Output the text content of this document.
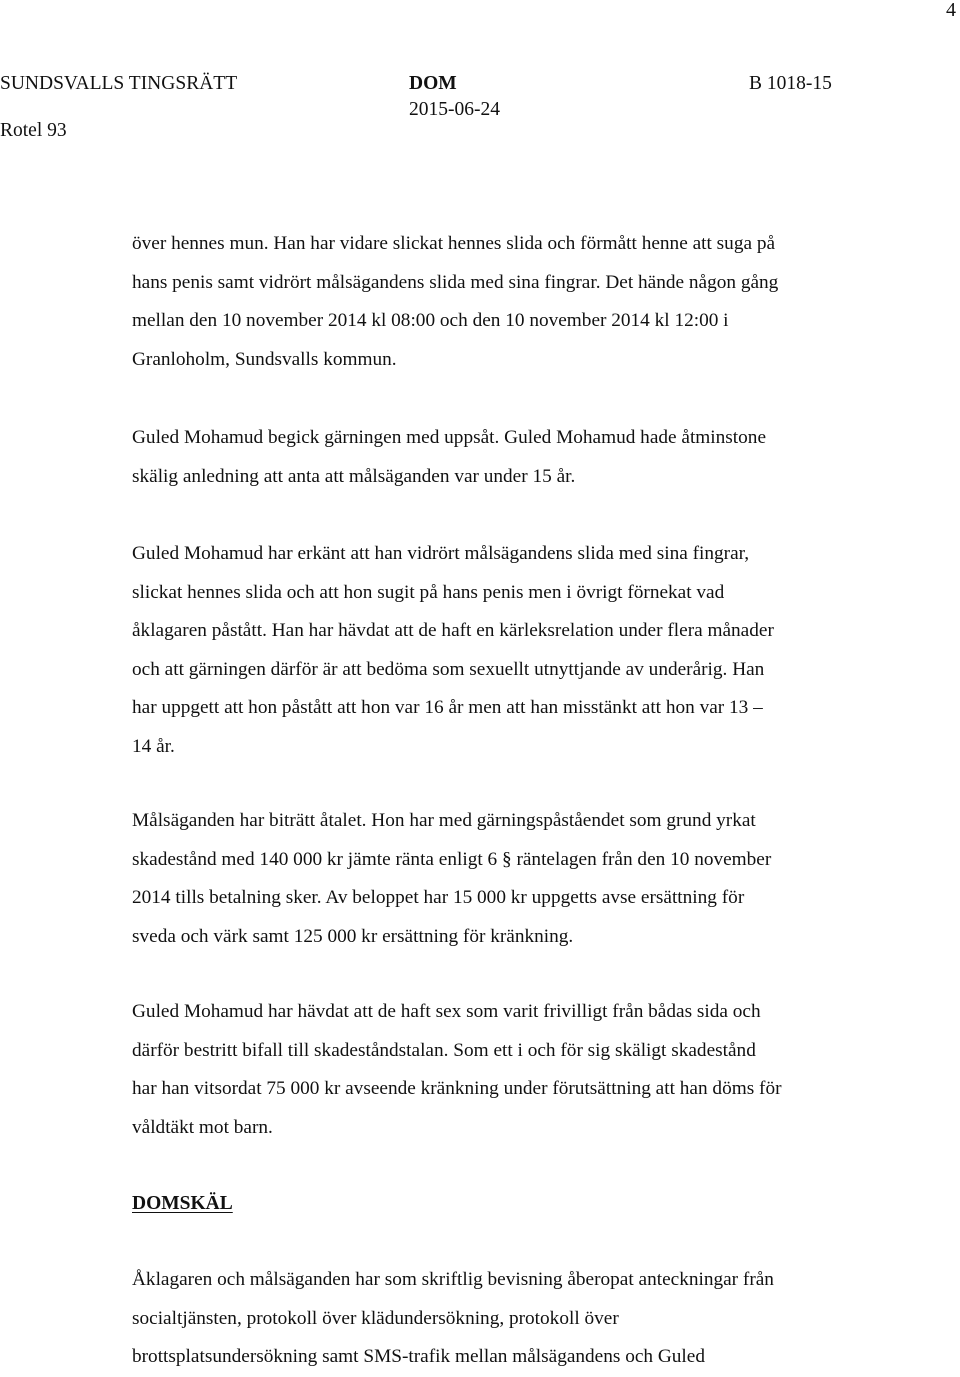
4
SUNDSVALLS TINGSRÄTT
Rotel 93
DOM
2015-06-24
B 1018-15

över hennes mun. Han har vidare slickat hennes slida och förmått henne att suga på

hans penis samt vidrört målsägandens slida med sina fingrar. Det hände någon gång

mellan den 10 november 2014 kl 08:00 och den 10 november 2014 kl 12:00 i

Granloholm, Sundsvalls kommun.

Guled Mohamud begick gärningen med uppsåt. Guled Mohamud hade åtminstone

skälig anledning att anta att målsäganden var under 15 år.

Guled Mohamud har erkänt att han vidrört målsägandens slida med sina fingrar,

slickat hennes slida och att hon sugit på hans penis men i övrigt förnekat vad

åklagaren påstått. Han har hävdat att de haft en kärleksrelation under flera månader

och att gärningen därför är att bedöma som sexuellt utnyttjande av underårig. Han

har uppgett att hon påstått att hon var 16 år men att han misstänkt att hon var 13 –

14 år.

Målsäganden har biträtt åtalet. Hon har med gärningspåståendet som grund yrkat

skadestånd med 140 000 kr jämte ränta enligt 6 § räntelagen från den 10 november

2014 tills betalning sker. Av beloppet har 15 000 kr uppgetts avse ersättning för

sveda och värk samt 125 000 kr ersättning för kränkning.

Guled Mohamud har hävdat att de haft sex som varit frivilligt från bådas sida och

därför bestritt bifall till skadeståndstalan. Som ett i och för sig skäligt skadestånd

har han vitsordat 75 000 kr avseende kränkning under förutsättning att han döms för

våldtäkt mot barn.

DOMSKÄL

Åklagaren och målsäganden har som skriftlig bevisning åberopat anteckningar från

socialtjänsten, protokoll över klädundersökning, protokoll över

brottsplatsundersökning samt SMS-trafik mellan målsägandens och Guled
